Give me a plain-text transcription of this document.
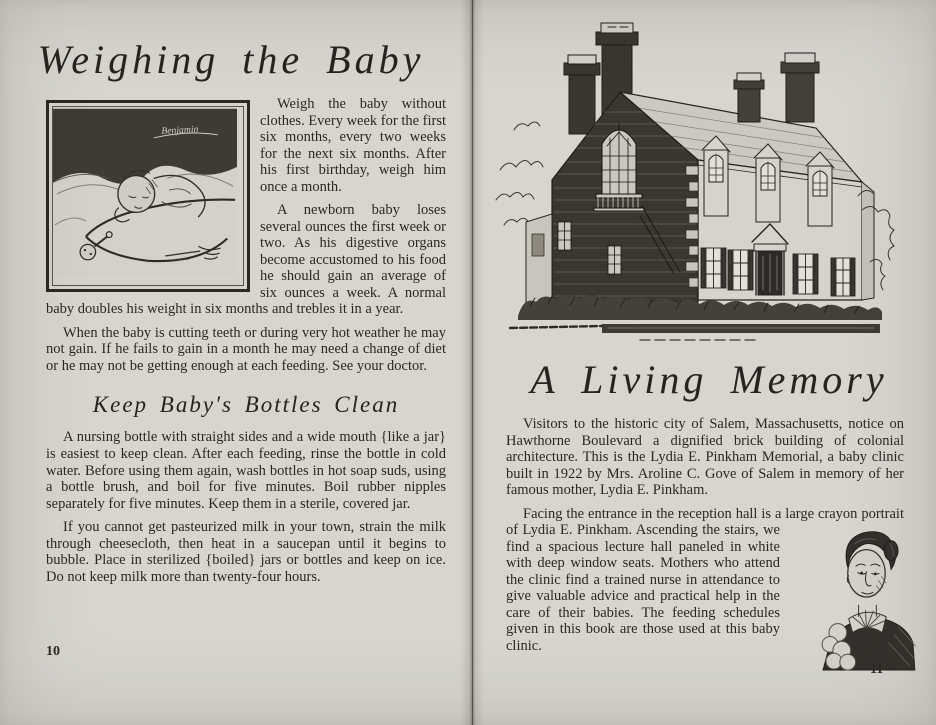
Weighing the Baby
Benjamin

Weigh the baby without clothes. Every week for the first six months, every two weeks for the next six months. After his first birthday, weigh him once a month.

A newborn baby loses several ounces the first week or two. As his digestive organs become accustomed to his food he should gain an average of six ounces a week. A normal baby doubles his weight in six months and trebles it in a year.

When the baby is cutting teeth or during very hot weather he may not gain. If he fails to gain in a month he may need a change of diet or he may not be getting enough at each feeding. See your doctor.

Keep Baby's Bottles Clean

A nursing bottle with straight sides and a wide mouth {like a jar} is easiest to keep clean. After each feeding, rinse the bottle in cold water. Before using them again, wash bottles in hot soap suds, using a bottle brush, and boil for five minutes. Boil rubber nipples separately for five minutes. Keep them in a sterile, covered jar.

If you cannot get pasteurized milk in your town, strain the milk through cheesecloth, then heat in a saucepan until it begins to bubble. Place in sterilized {boiled} jars or bottles and keep on ice. Do not keep milk more than twenty-four hours.

10
A Living Memory

Visitors to the historic city of Salem, Massachusetts, notice on Hawthorne Boulevard a dignified brick building of colonial architecture. This is the Lydia E. Pinkham Memorial, a baby clinic built in 1922 by Mrs. Aroline C. Gove of Salem in memory of her famous mother, Lydia E. Pinkham.

Facing the entrance in the reception hall is a large crayon
portrait of Lydia E. Pinkham. Ascending the stairs, we find a spacious lecture hall paneled in white with deep window seats. Mothers who attend the clinic find a trained nurse in attendance to give valuable advice and practical help in the care of their babies. The feeding schedules given in this book are those used at this baby clinic.

11
